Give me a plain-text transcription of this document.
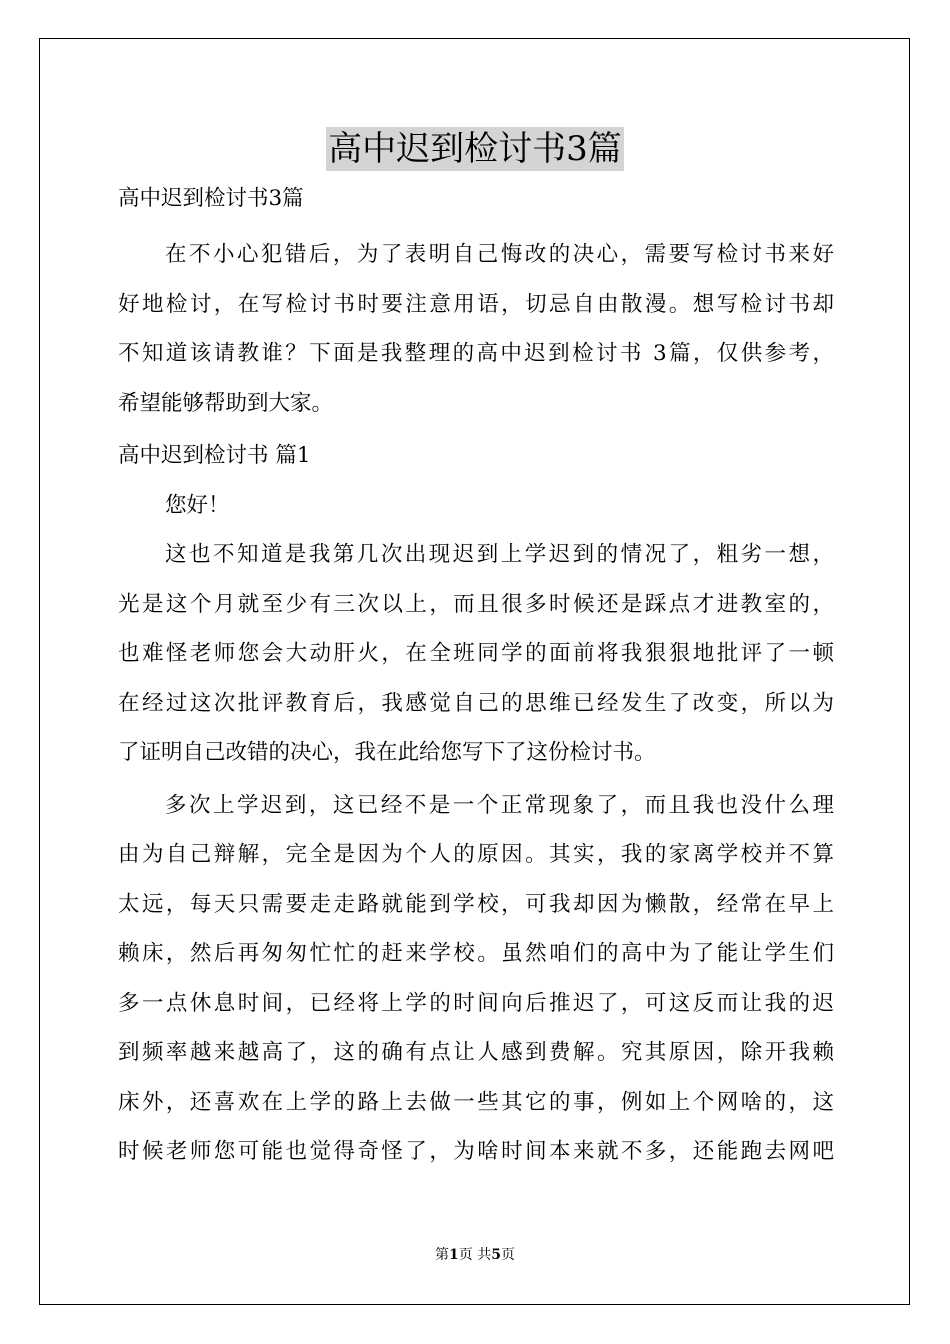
高中迟到检讨书3篇
高中迟到检讨书3篇
在不小心犯错后，为了表明自己悔改的决心，需要写检讨书来好
好地检讨，在写检讨书时要注意用语，切忌自由散漫。想写检讨书却
不知道该请教谁？下面是我整理的高中迟到检讨书 3篇，仅供参考，
希望能够帮助到大家。
高中迟到检讨书 篇1
您好！
这也不知道是我第几次出现迟到上学迟到的情况了，粗劣一想，
光是这个月就至少有三次以上，而且很多时候还是踩点才进教室的，
也难怪老师您会大动肝火，在全班同学的面前将我狠狠地批评了一顿
在经过这次批评教育后，我感觉自己的思维已经发生了改变，所以为
了证明自己改错的决心，我在此给您写下了这份检讨书。
多次上学迟到，这已经不是一个正常现象了，而且我也没什么理
由为自己辩解，完全是因为个人的原因。其实，我的家离学校并不算
太远，每天只需要走走路就能到学校，可我却因为懒散，经常在早上
赖床，然后再匆匆忙忙的赶来学校。虽然咱们的高中为了能让学生们
多一点休息时间，已经将上学的时间向后推迟了，可这反而让我的迟
到频率越来越高了，这的确有点让人感到费解。究其原因，除开我赖
床外，还喜欢在上学的路上去做一些其它的事，例如上个网啥的，这
时候老师您可能也觉得奇怪了，为啥时间本来就不多，还能跑去网吧
第1页 共5页
